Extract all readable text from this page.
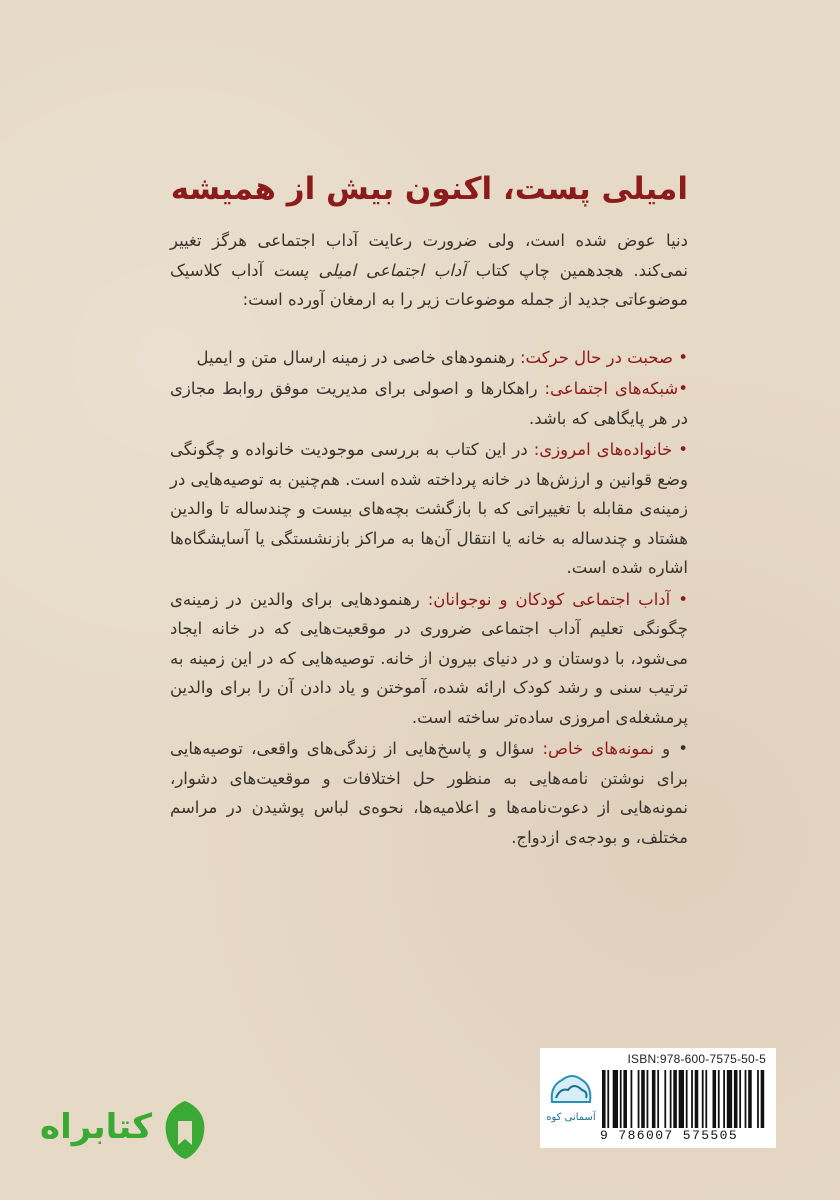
امیلی پست، اکنون بیش از همیشه

دنیا عوض شده است، ولی ضرورت رعایت آداب اجتماعی هرگز تغییر نمی‌کند. هجدهمین چاپ کتاب آداب اجتماعی امیلی پست آداب کلاسیک موضوعاتی جدید از جمله موضوعات زیر را به ارمغان آورده است:

• صحبت در حال حرکت: رهنمودهای خاصی در زمینه ارسال متن و ایمیل

•شبکه‌های اجتماعی: راهکارها و اصولی برای مدیریت موفق روابط مجازی در هر پایگاهی که باشد.

• خانواده‌های امروزی: در این کتاب به بررسی موجودیت خانواده و چگونگی وضع قوانین و ارزش‌ها در خانه پرداخته شده است. هم‌چنین به توصیه‌هایی در زمینه‌ی مقابله با تغییراتی که با بازگشت بچه‌های بیست و چندساله تا والدین هشتاد و چندساله به خانه یا انتقال آن‌ها به مراکز بازنشستگی یا آسایشگاه‌ها اشاره شده است.

• آداب اجتماعی کودکان و نوجوانان: رهنمودهایی برای والدین در زمینه‌ی چگونگی تعلیم آداب اجتماعی ضروری در موقعیت‌هایی که در خانه ایجاد می‌شود، با دوستان و در دنیای بیرون از خانه. توصیه‌هایی که در این زمینه به ترتیب سنی و رشد کودک ارائه شده، آموختن و یاد دادن آن را برای والدین پرمشغله‌ی امروزی ساده‌تر ساخته است.

• و نمونه‌های خاص: سؤال و پاسخ‌هایی از زندگی‌های واقعی، توصیه‌هایی برای نوشتن نامه‌هایی به منظور حل اختلافات و موقعیت‌های دشوار، نمونه‌هایی از دعوت‌نامه‌ها و اعلامیه‌ها، نحوه‌ی لباس پوشیدن در مراسم مختلف، و بودجه‌ی ازدواج.

ISBN:978-600-7575-50-5
آسمانی کوه
9 786007 575505
کتابراه
